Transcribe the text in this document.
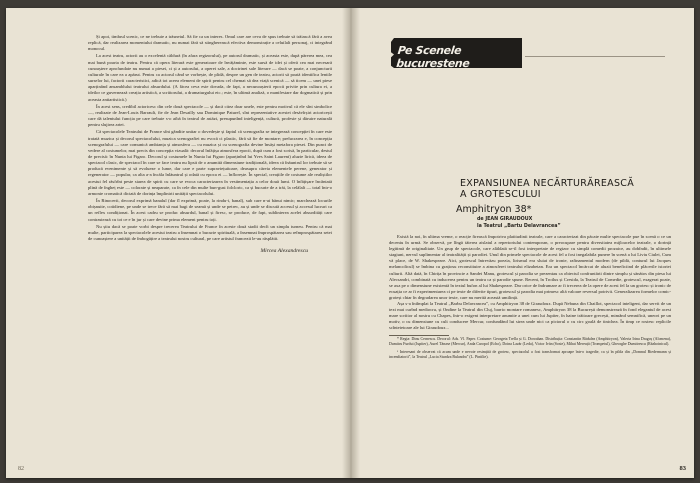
Și apoi, timbrul scenic, ce ne trebuie a trăsnetul. Să fie ca un interes. Omul care are ceva de spus trebuie să trăiască fără a avea replică, dar realizarea momentului dramatic, nu numai fără să stingherească efectiva demonstrație a celuilalt personaj, ci integrând monocul.

La acest teatru, actorii au o excelentă căldură (în afara regizorului), pe autorul dramatic, și aceasta este, după părerea mea, cea mai bună poarta de teatru. Pentru că opera literară este generatoare de învățăminte, este sursă de idei și oferă cea mai necesară cunoaștere aprofundate nu numai a piesei, ci și a autorului, a operei sale, a doctrinei sale literare — dacă se poate, a conjuncturii culturale în care ea a apărut. Pentru ca actorul când se vorbește, de plidă, despre un gen de teatru, actorii să poată identifica lentile surselor lui, factorii caracteristici, adică tot aceea element de spirit pentru cel chemat să dea viață scenică — să ticem — unei piese aparținând ansamblului teatrului absurdului. (A făcea ceva este dovada, de fapt, a necunoașterii epocii privite prin cultura ei, a ideilor ce guvernează creația artistică, a scriitorului, a dramaturgului etc.; este, în ultimă analiză, o manifestare dar dogmatică și prin aceasta antiartistică.)

În acest sens, credibil actoricesc din cele două spectacole — și dacă citez doar unele, este pentru motivul că ele sînt simbolice —, realizate de Jean-Louis Barrault, fie de Jean Desailly sau Dominique Paturel, sînt reprezentative acestei desăvîrșiri actoricești care dă talentului funcția pe care trebuie s-o aibă în teatrul de astăzi, presupunînd inteligență, cultură, profesie și dăruire naturală pentru slujirea artei.

Că spectacolele Teatrului de France sînt gândite unitar o dovedește și faptul că scenografia se integrează concepției în care este tratată muzica și decorul spectacolului, muzica scenografiei nu evocă ci plastic, fără să fie de montare; prelucrarea e, în concepția scenografului — care comunică ambianța și atmosfera — cu muzica și cu scenografia devine însăși metafora piesei. Din punct de vedere al costumelor, mai precis din concepția vizuală: decorul înfățișa atmosfera epocii, după cum a fost scrisă, în particular, destul de precisă: în Nunta lui Figaro. Decorul și costumele în Nunta lui Figaro (aparținînd lui Yves Saint Laurent) aluzie lirică, ideea de spectacol clasic, de spectacol în care se face teatru nu lipsit de o anumită dimensiune tradițională, ideea că înăuntrul lor trebuie să se producă evenimente și să evolueze o lume, dar care e parte supraviețuitoare, deasupra căreia elementele perene, generator și regenerator — popular, ca alta a-a încăla înlăuntrul și odată cu epoca ei — înflorește. În special, creațiile de costume ale realiștilor acestui fel răsfrînt peste starea de spirit cu care se evoca caracterizarea în vestimentația a celor două lumi. O înfățișare încântată plină de îngheț este — colorate și neaparate, ca în cele din multe bun-gust folcloric, ca și bucurie de a trăi, la celălalt — total într-o armonie cromatică dictată de dorința împlinirii unității spectacolului.

În Rinocerii, decorul exprimă banalul (dar îl exprimă, poate, la rindu-i, banal), sub care n-ai bănui nimic; marchează locurile obișnuite, cotidiene, pe unde se trece fără să mai bagi de seamă și unde se petrec, au și unde se discută accesul și accesul lucruri ca un reflex condiționat. În acest cadru se produc absurdul, banal și firesc, se produce, de fapt, sublinierea acelei absurdități care contrastează cu tot ce e în jur și care devine prima element pentru toți.

Nu știu dacă se poate vorbi despre trecerea Teatrului de France în aceste două stadii decît un simplu turneu. Pentru că mai multe, participarea la spectacolele acestui teatru a însemnat o bucurie spirituală, a însemnat împrospătarea sau reîmprospătarea setei de cunoaștere a unității de îmbogățire a teatrului nostru cultural, pe care artistul francezii le-au răsplătit.

Mircea Alexandrescu

82
Pe Scenele bucureștene
EXPANSIUNEA NECĂRTURĂREASCĂ
A GROTESCULUI
Amphitryon 38*
de JEAN GIRAUDOUX
la Teatrul „Bartu Delavrancea”

Există la noi, în ultima vreme, o reacție firească împotriva platitudinii teatrale, care a caracterizat din păcate multe spectacole pue în scenă o ce un deceniu în urmă. Se observă, pe lîngă tăierea aislatul a repertoriului contemporan, o preocupare pentru diversitatea mijloacelor teatrale, o dorință legitimă de originalitate. Un grup de spectacole, care alăldată se-il fost interpretate de regizor cu simplă comedii prozaice, au dobîndit, în ultimele stagiuni, nervul suplimentar al teatralității și parodiei. Unul din primele spectacole de acest fel a fost inegalabila punere în scenă a lui Liviu Ciulei, Cum vă place, de W. Shakespeare. Aici, grotescul întrevăzu poezia, lirismul era sluiat de ironie, rafinamentul modern (de pildă, conturul lui Jacques melancolicul) se îmbina cu grațiosu reconstituire a atmosferei teatrului elizabetan. Era un spectacol încărcat de aluzii beneficiind de plăcerile istoriei culturii. Altă dată, în Chirița în provincie a Sandei Manu, grotescul și parodia se prezentau ca obiectul confruntării dintre simplu și sănătos din piesa lui Alecsandri, combinată cu inducerea pentru un teatru ca și parodie spune. Recent, în Troilus și Cresida, la Teatrul de Comedie, grotescul, exagerat poate, se axa pe o dimensiune existentă în textul bufon al lui Shakespeare. Dar orice de îndrumare ar fi trecerea de la opere de acest fel la un grotesc și ironic de ecuația ce ar fi experimentarea ci pe texte de diferite tipuri, grotescul și parodia mai primesc altă valoare reversul potrivit. Generalizarea formelor comic-groteșt chiar în degradarea unor texte, care nu merită această umilință.

Așa s-a întîmplat la Teatrul „Barbu Delavrancea”, cu Amphitryon 38 de Giraudoux. După Nebuna din Chaillot, spectacol inteligent, dar servit de un text mai curînd mediocru, și Ondine la Teatrul din Cluj, barrio montare romanesc, Amphitryon 38 la București demonstrează în fond elegantul de acest mare scriitor al nostru cu Chapes, într-o exigent interpretare anumite a unei cum lui Jupiter, în haine trăitoare grecești, mimând semnifică, uneori pe un motiv, o cu dimensiune cu cult conducere Mercur, confundând lui sirea unde nici ca pictorul o cu circ goală de tinichea. În timp ce rostesc replicile scînteietoare ale lui Giraudoux...

* Regia: Dinu Cernescu. Decorul: Ads. Vl. Paper. Costume: Georgeta Trella și G. Doroaban. Distribuția: Constantin Rădulea (Amphitryon), Valeria Irina Dragoș (Alcmena), Dumitru Furdui (Jupiter), Aurel Tănase (Mercur), Anda Caropol (Echo), Doina Lazăr (Leda), Victor Ivăn (Sosie), Mihai Mereuță (Trompetul), Gheorghe Dumitrescu (Războinicul).

¹ Interesant de observat că acum unde e nevoie resimțită de grotesc, spectacolul a fost transformat aproape într-o tragedie, ca și în pilda din „Domnul Biedermann și incendiatorii”, la Teatrul „Lucia Sturdza Bulandra” (L. Pintilie).

83
